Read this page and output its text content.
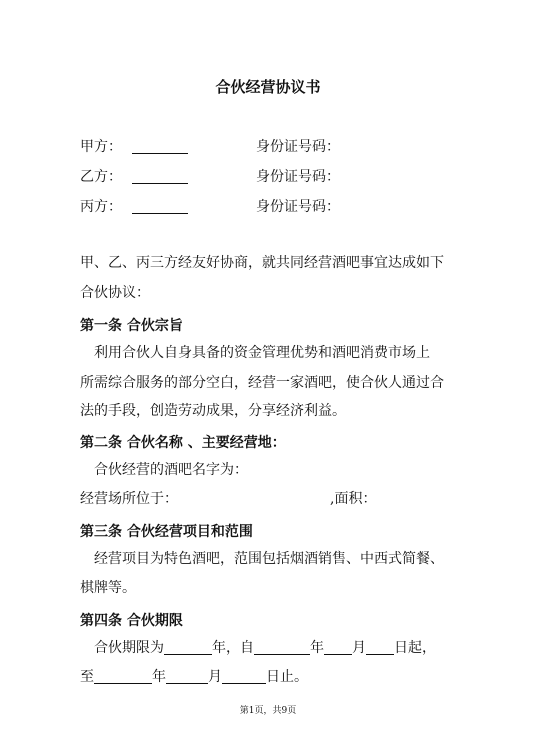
合伙经营协议书
甲方：	身份证号码：
乙方：	身份证号码：
丙方：	身份证号码：
甲、乙、丙三方经友好协商，就共同经营酒吧事宜达成如下
合伙协议：
第一条 合伙宗旨
利用合伙人自身具备的资金管理优势和酒吧消费市场上
所需综合服务的部分空白，经营一家酒吧，使合伙人通过合
法的手段，创造劳动成果，分享经济利益。
第二条 合伙名称 、主要经营地：
合伙经营的酒吧名字为：
经营场所位于：	,面积：
第三条 合伙经营项目和范围
经营项目为特色酒吧，范围包括烟酒销售、中西式简餐、
棋牌等。
第四条 合伙期限
合伙期限为	年，自	年 月 日起，
至	年	月	日止。
第1页，共9页
